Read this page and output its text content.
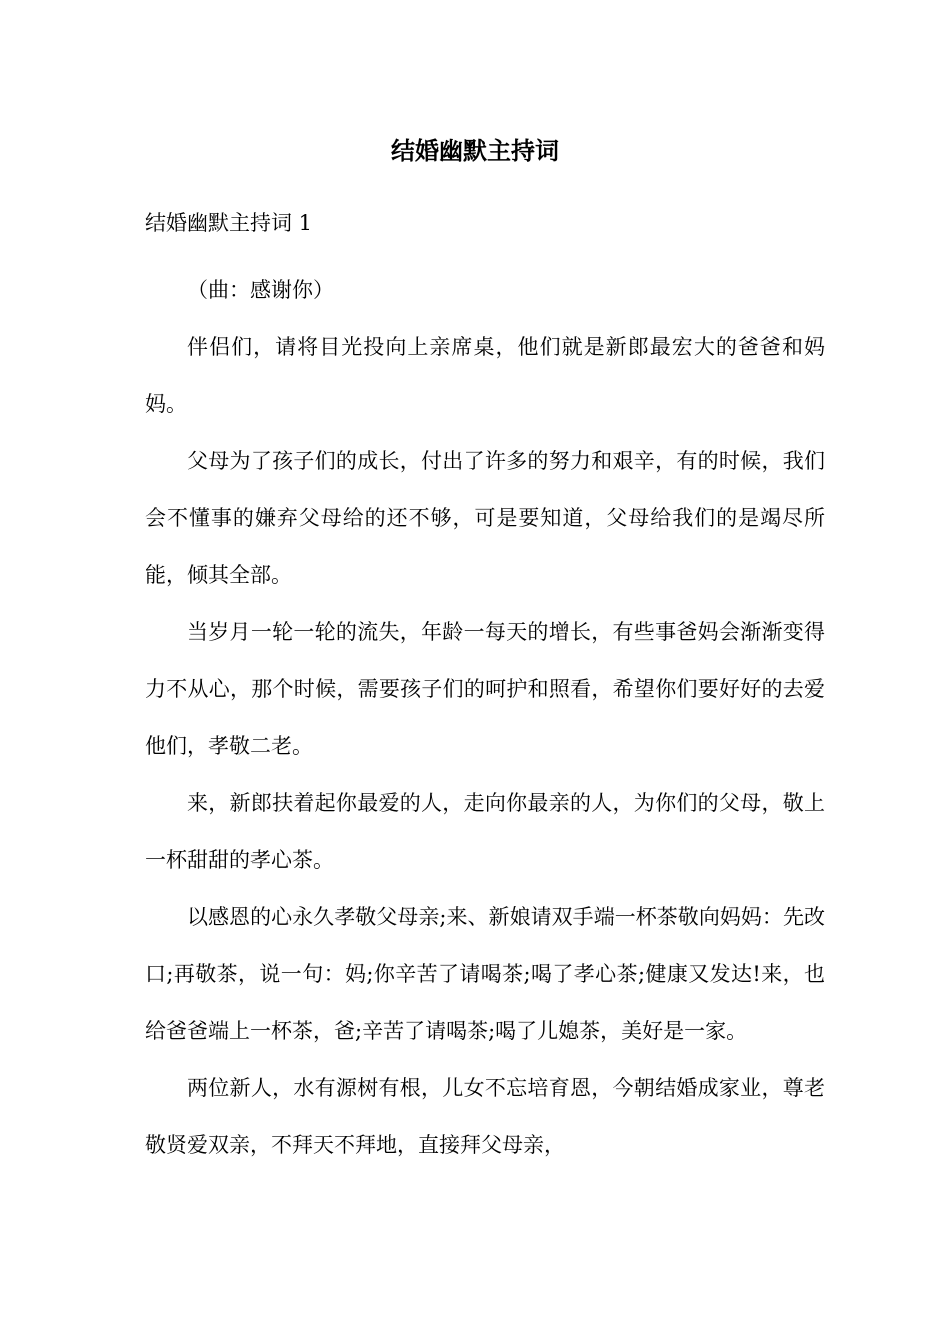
结婚幽默主持词
结婚幽默主持词 1

（曲：感谢你）

伴侣们，请将目光投向上亲席桌，他们就是新郎最宏大的爸爸和妈妈。

父母为了孩子们的成长，付出了许多的努力和艰辛，有的时候，我们会不懂事的嫌弃父母给的还不够，可是要知道，父母给我们的是竭尽所能，倾其全部。

当岁月一轮一轮的流失，年龄一每天的增长，有些事爸妈会渐渐变得力不从心，那个时候，需要孩子们的呵护和照看，希望你们要好好的去爱他们，孝敬二老。

来，新郎扶着起你最爱的人，走向你最亲的人，为你们的父母，敬上一杯甜甜的孝心茶。

以感恩的心永久孝敬父母亲;来、新娘请双手端一杯茶敬向妈妈：先改口;再敬茶，说一句：妈;你辛苦了请喝茶;喝了孝心茶;健康又发达!来，也给爸爸端上一杯茶，爸;辛苦了请喝茶;喝了儿媳茶，美好是一家。

两位新人，水有源树有根，儿女不忘培育恩，今朝结婚成家业，尊老敬贤爱双亲，不拜天不拜地，直接拜父母亲，
